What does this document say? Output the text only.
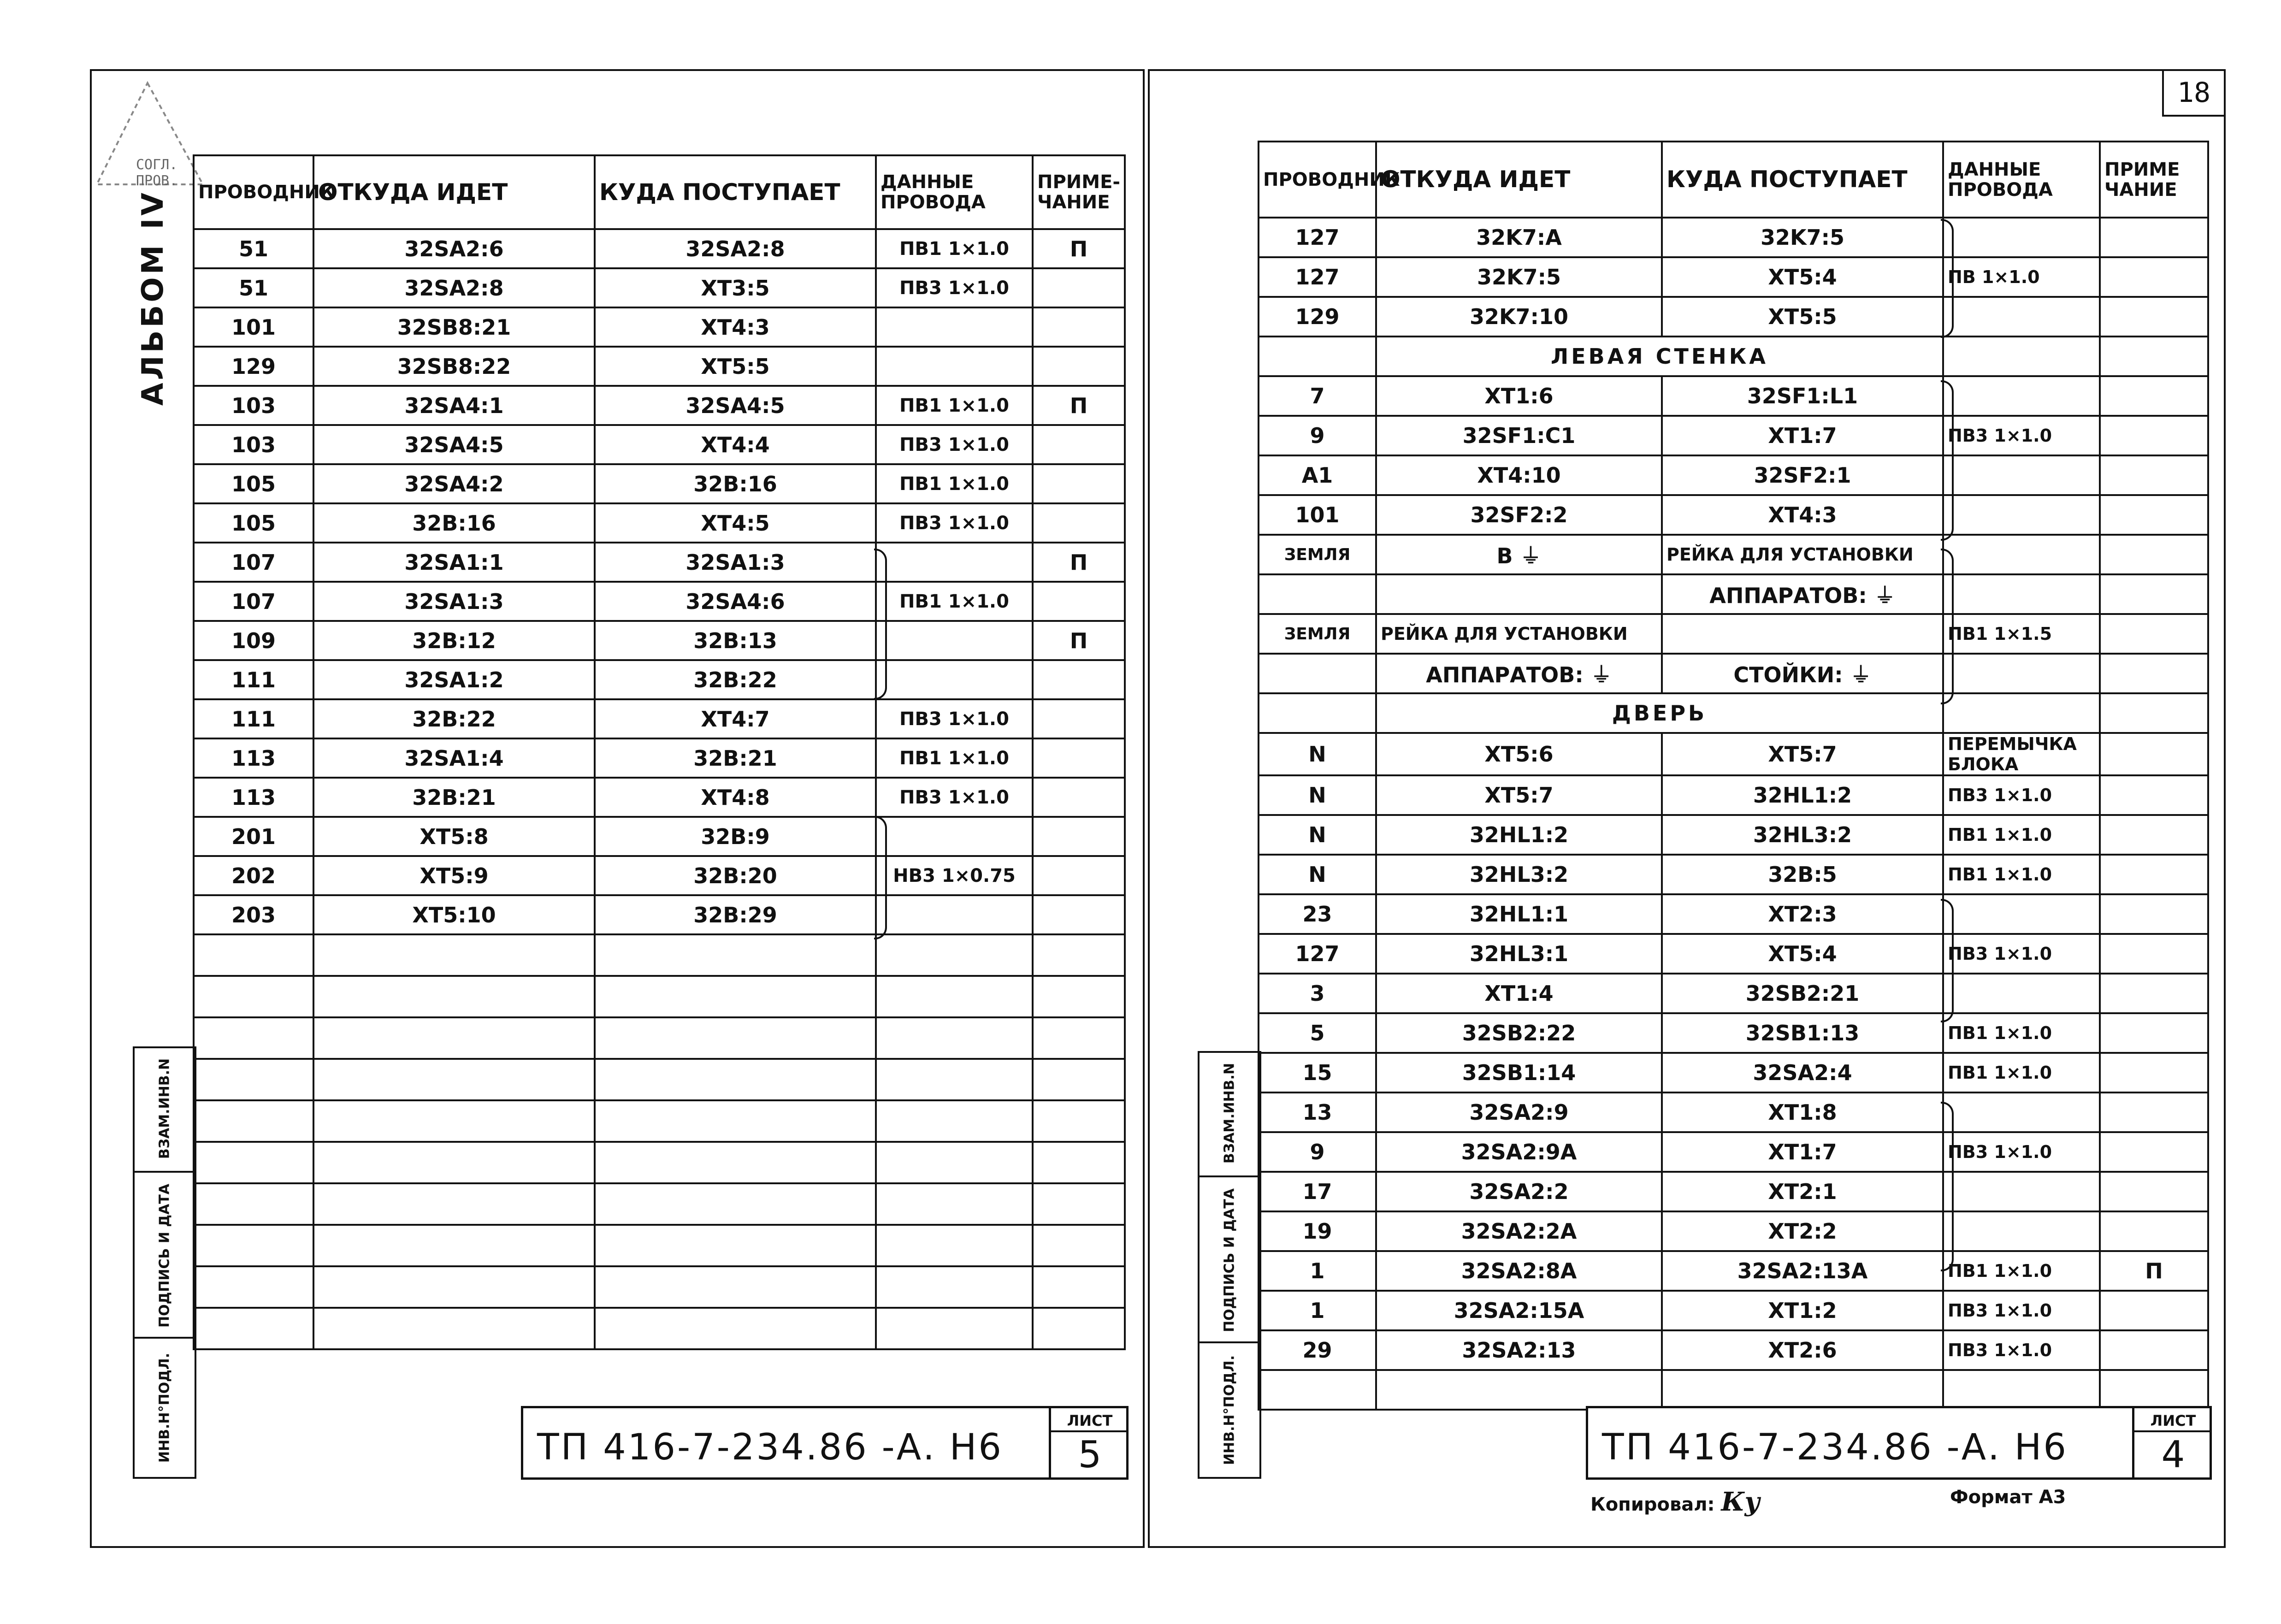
СОГЛ.
ПРОВ.
АЛЬБОМ IV
ВЗАМ.ИНВ.N
ПОДПИСЬ И ДАТА
ИНВ.Н°ПОДЛ.
ПРОВОДНИК	ОТКУДА ИДЕТ	КУДА ПОСТУПАЕТ	ДАННЫЕ ПРОВОДА	ПРИМЕ- ЧАНИЕ
51	32SA2:6	32SA2:8	ПВ1 1×1.0	П
51	32SA2:8	XT3:5	ПВ3 1×1.0	
101	32SB8:21	XT4:3		
129	32SB8:22	XT5:5		
103	32SA4:1	32SA4:5	ПВ1 1×1.0	П
103	32SA4:5	XT4:4	ПВ3 1×1.0	
105	32SA4:2	32B:16	ПВ1 1×1.0	
105	32B:16	XT4:5	ПВ3 1×1.0	
107	32SA1:1	32SA1:3		П
107	32SA1:3	32SA4:6	ПВ1 1×1.0	
109	32B:12	32B:13		П
111	32SA1:2	32B:22		
111	32B:22	XT4:7	ПВ3 1×1.0	
113	32SA1:4	32B:21	ПВ1 1×1.0	
113	32B:21	XT4:8	ПВ3 1×1.0	
201	XT5:8	32B:9		
202	XT5:9	32B:20	НВ3 1×0.75	
203	XT5:10	32B:29		

ТП 416-7-234.86 -А. Н6
ЛИСТ
5
18
ВЗАМ.ИНВ.N
ПОДПИСЬ И ДАТА
ИНВ.Н°ПОДЛ.
ПРОВОДНИК	ОТКУДА ИДЕТ	КУДА ПОСТУПАЕТ	ДАННЫЕ ПРОВОДА	ПРИМЕ ЧАНИЕ
127	32K7:A	32K7:5		
127	32K7:5	XT5:4	ПВ 1×1.0	
129	32K7:10	XT5:5		
	ЛЕВАЯ СТЕНКА			
7	XT1:6	32SF1:L1		
9	32SF1:C1	XT1:7	ПВ3 1×1.0	
A1	XT4:10	32SF2:1		
101	32SF2:2	XT4:3		
ЗЕМЛЯ	B ⏚	РЕЙКА ДЛЯ УСТАНОВКИ		
		АППАРАТОВ: ⏚		
ЗЕМЛЯ	РЕЙКА ДЛЯ УСТАНОВКИ		ПВ1 1×1.5	
	АППАРАТОВ: ⏚	СТОЙКИ: ⏚		
	ДВЕРЬ			
N	XT5:6	XT5:7	ПЕРЕМЫЧКА БЛОКА	
N	XT5:7	32HL1:2	ПВ3 1×1.0	
N	32HL1:2	32HL3:2	ПВ1 1×1.0	
N	32HL3:2	32B:5	ПВ1 1×1.0	
23	32HL1:1	XT2:3		
127	32HL3:1	XT5:4	ПВ3 1×1.0	
3	XT1:4	32SB2:21		
5	32SB2:22	32SB1:13	ПВ1 1×1.0	
15	32SB1:14	32SA2:4	ПВ1 1×1.0	
13	32SA2:9	XT1:8		
9	32SA2:9A	XT1:7	ПВ3 1×1.0	
17	32SA2:2	XT2:1		
19	32SA2:2A	XT2:2		
1	32SA2:8A	32SA2:13A	ПВ1 1×1.0	П
1	32SA2:15A	XT1:2	ПВ3 1×1.0	
29	32SA2:13	XT2:6	ПВ3 1×1.0	

ТП 416-7-234.86 -А. Н6
ЛИСТ
4
Копировал: Ку	Формат А3
